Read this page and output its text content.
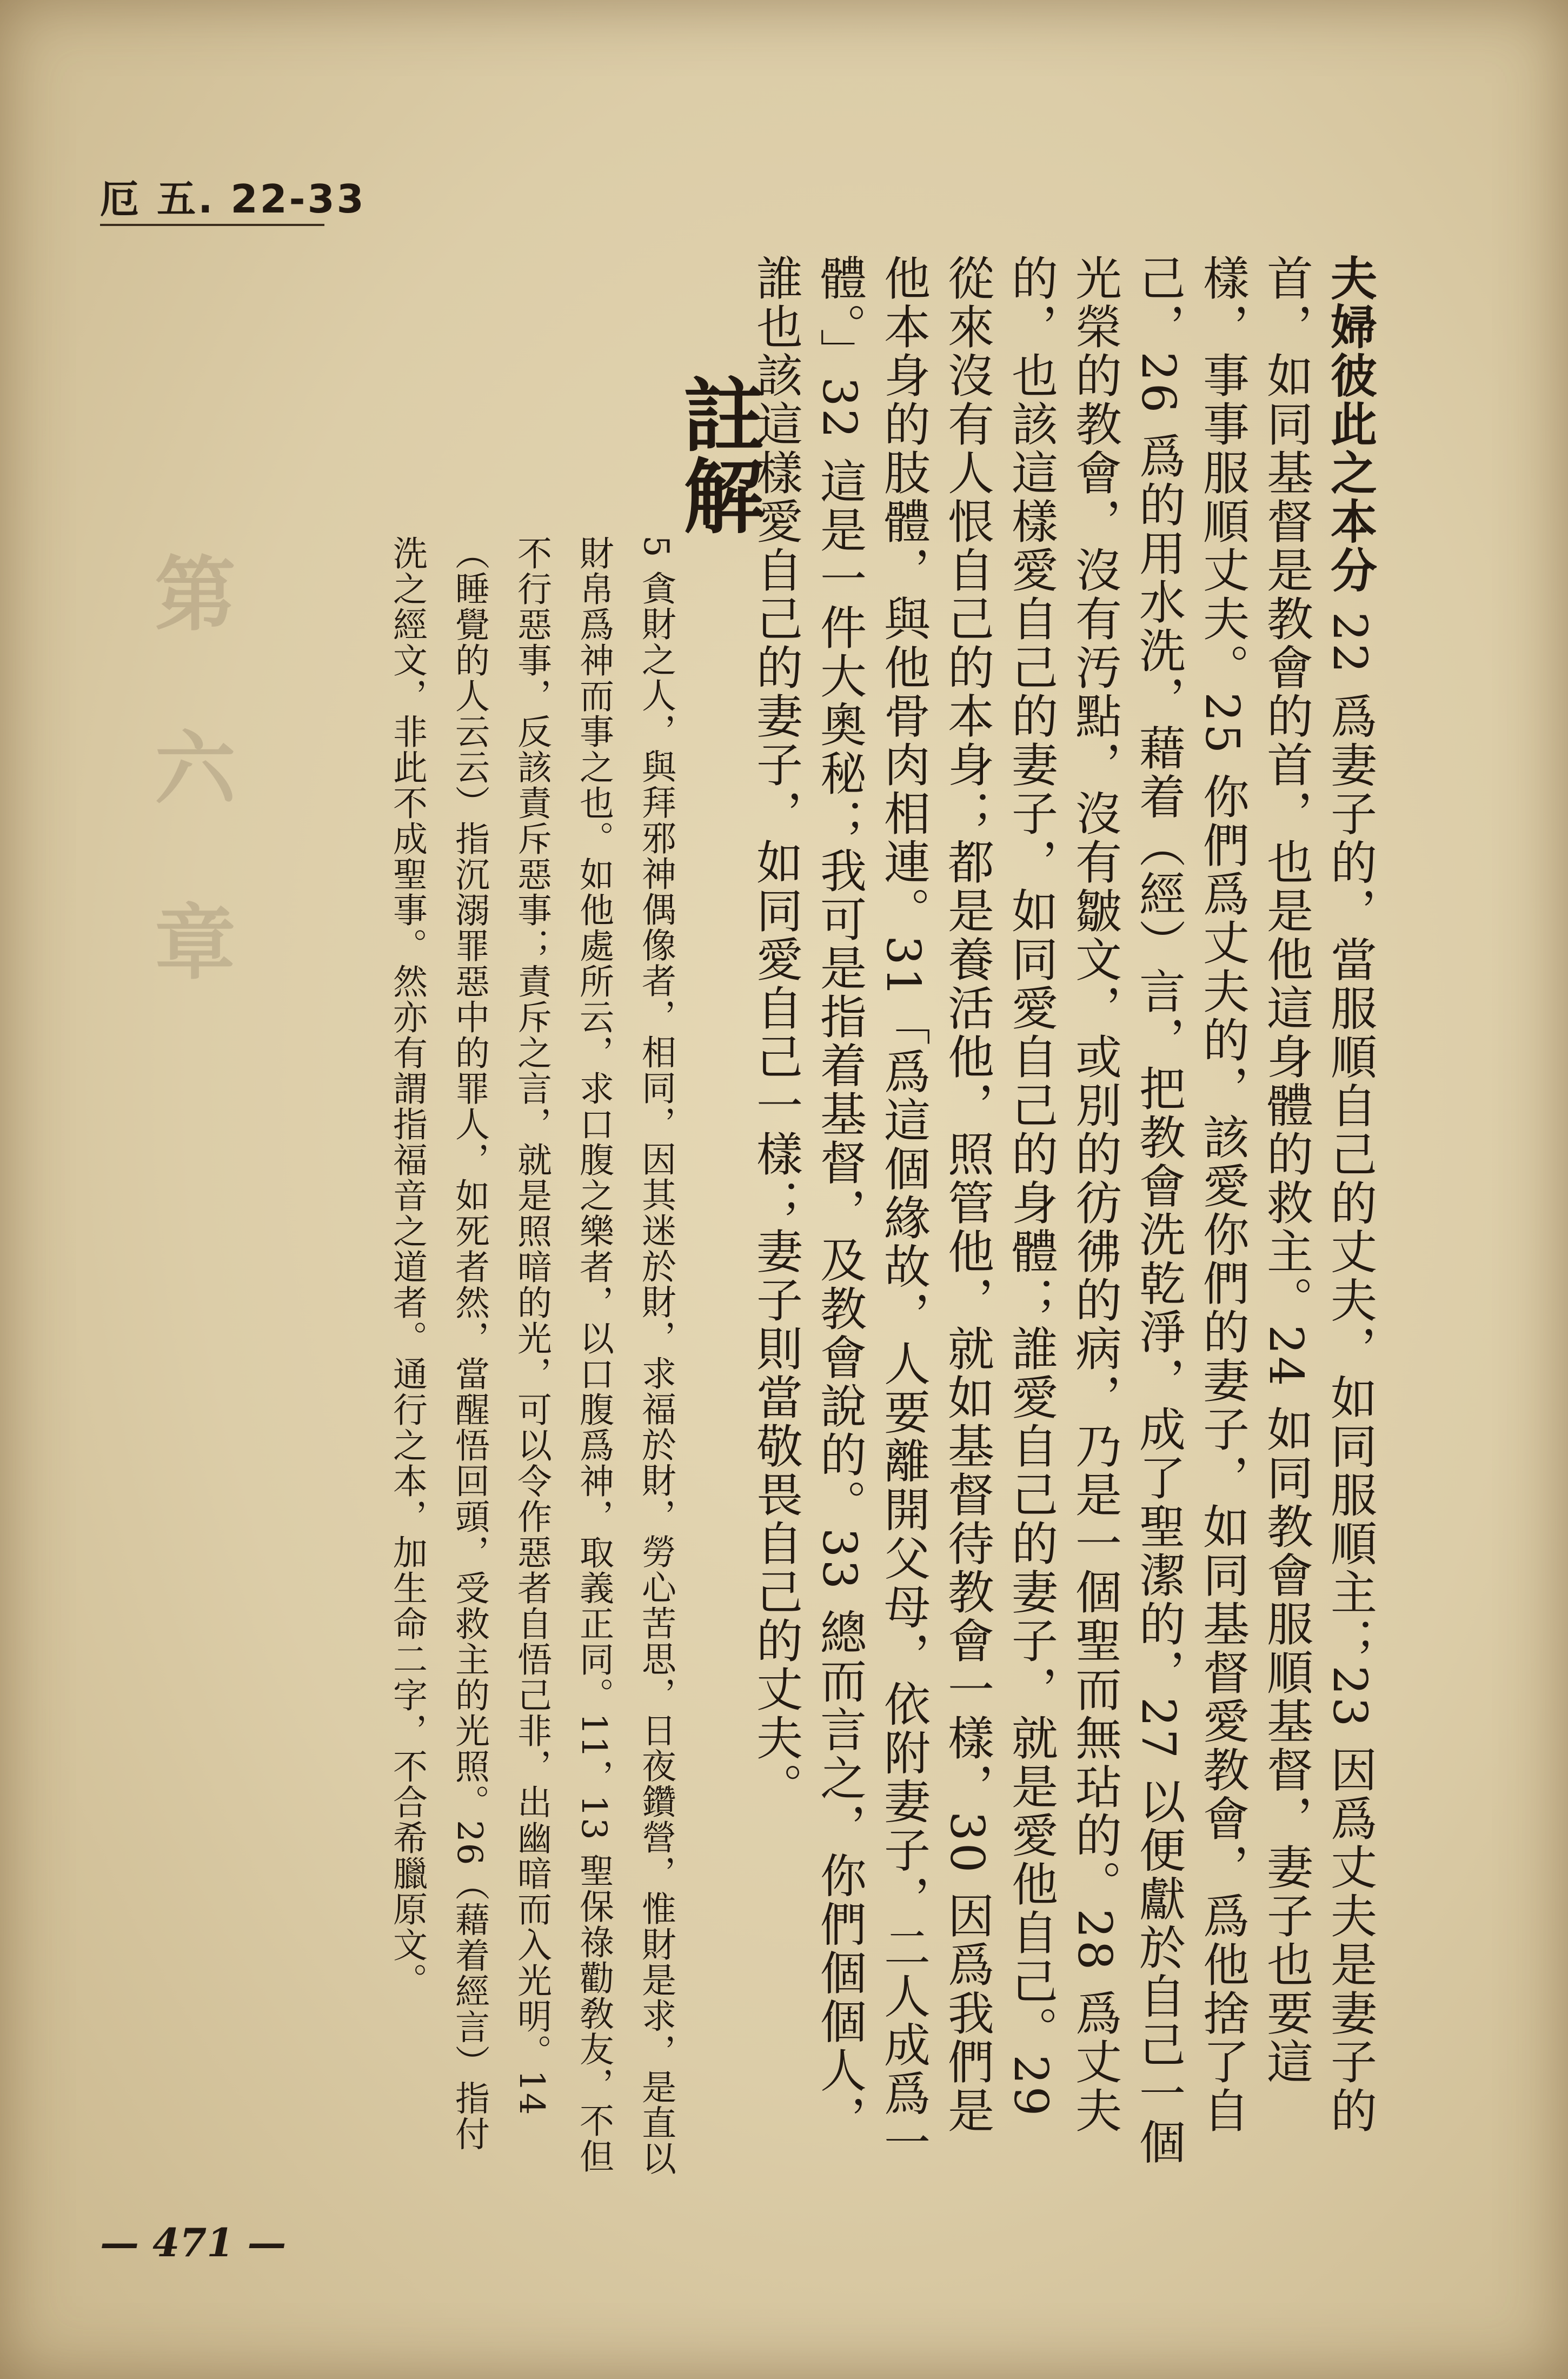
厄 五. 22-33
夫婦彼此之本分 22 爲妻子的，當服順自己的丈夫，如同服順主；23 因爲丈夫是妻子的首，如同基督是教會的首，也是他這身體的救主。24 如同教會服順基督，妻子也要這樣，事事服順丈夫。25 你們爲丈夫的，該愛你們的妻子，如同基督愛教會，爲他捨了自己，26 爲的用水洗，藉着（經）言，把教會洗乾淨，成了聖潔的，27 以便獻於自己一個光榮的教會，沒有汚點，沒有皺文，或別的彷彿的病，乃是一個聖而無玷的。28 爲丈夫的，也該這樣愛自己的妻子，如同愛自己的身體；誰愛自己的妻子，就是愛他自己。29 從來沒有人恨自己的本身；都是養活他，照管他，就如基督待教會一樣，30 因爲我們是他本身的肢體，與他骨肉相連。31「爲這個緣故，人要離開父母，依附妻子，二人成爲一體。」32 這是一件大奧秘；我可是指着基督，及教會說的。33 總而言之，你們個個人，誰也該這樣愛自己的妻子，如同愛自己一樣；妻子則當敬畏自己的丈夫。
註解
5 貪財之人，與拜邪神偶像者，相同，因其迷於財，求福於財，勞心苦思，日夜鑽營，惟財是求，是直以財帛爲神而事之也。如他處所云，求口腹之樂者，以口腹爲神，取義正同。11，13 聖保祿勸敎友，不但不行惡事，反該責斥惡事；責斥之言，就是照暗的光，可以令作惡者自悟己非，出幽暗而入光明。14（睡覺的人云云）指沉溺罪惡中的罪人，如死者然，當醒悟回頭，受救主的光照。26（藉着經言）指付洗之經文，非此不成聖事。然亦有謂指福音之道者。通行之本，加生命二字，不合希臘原文。
第 六 章
— 471 —
